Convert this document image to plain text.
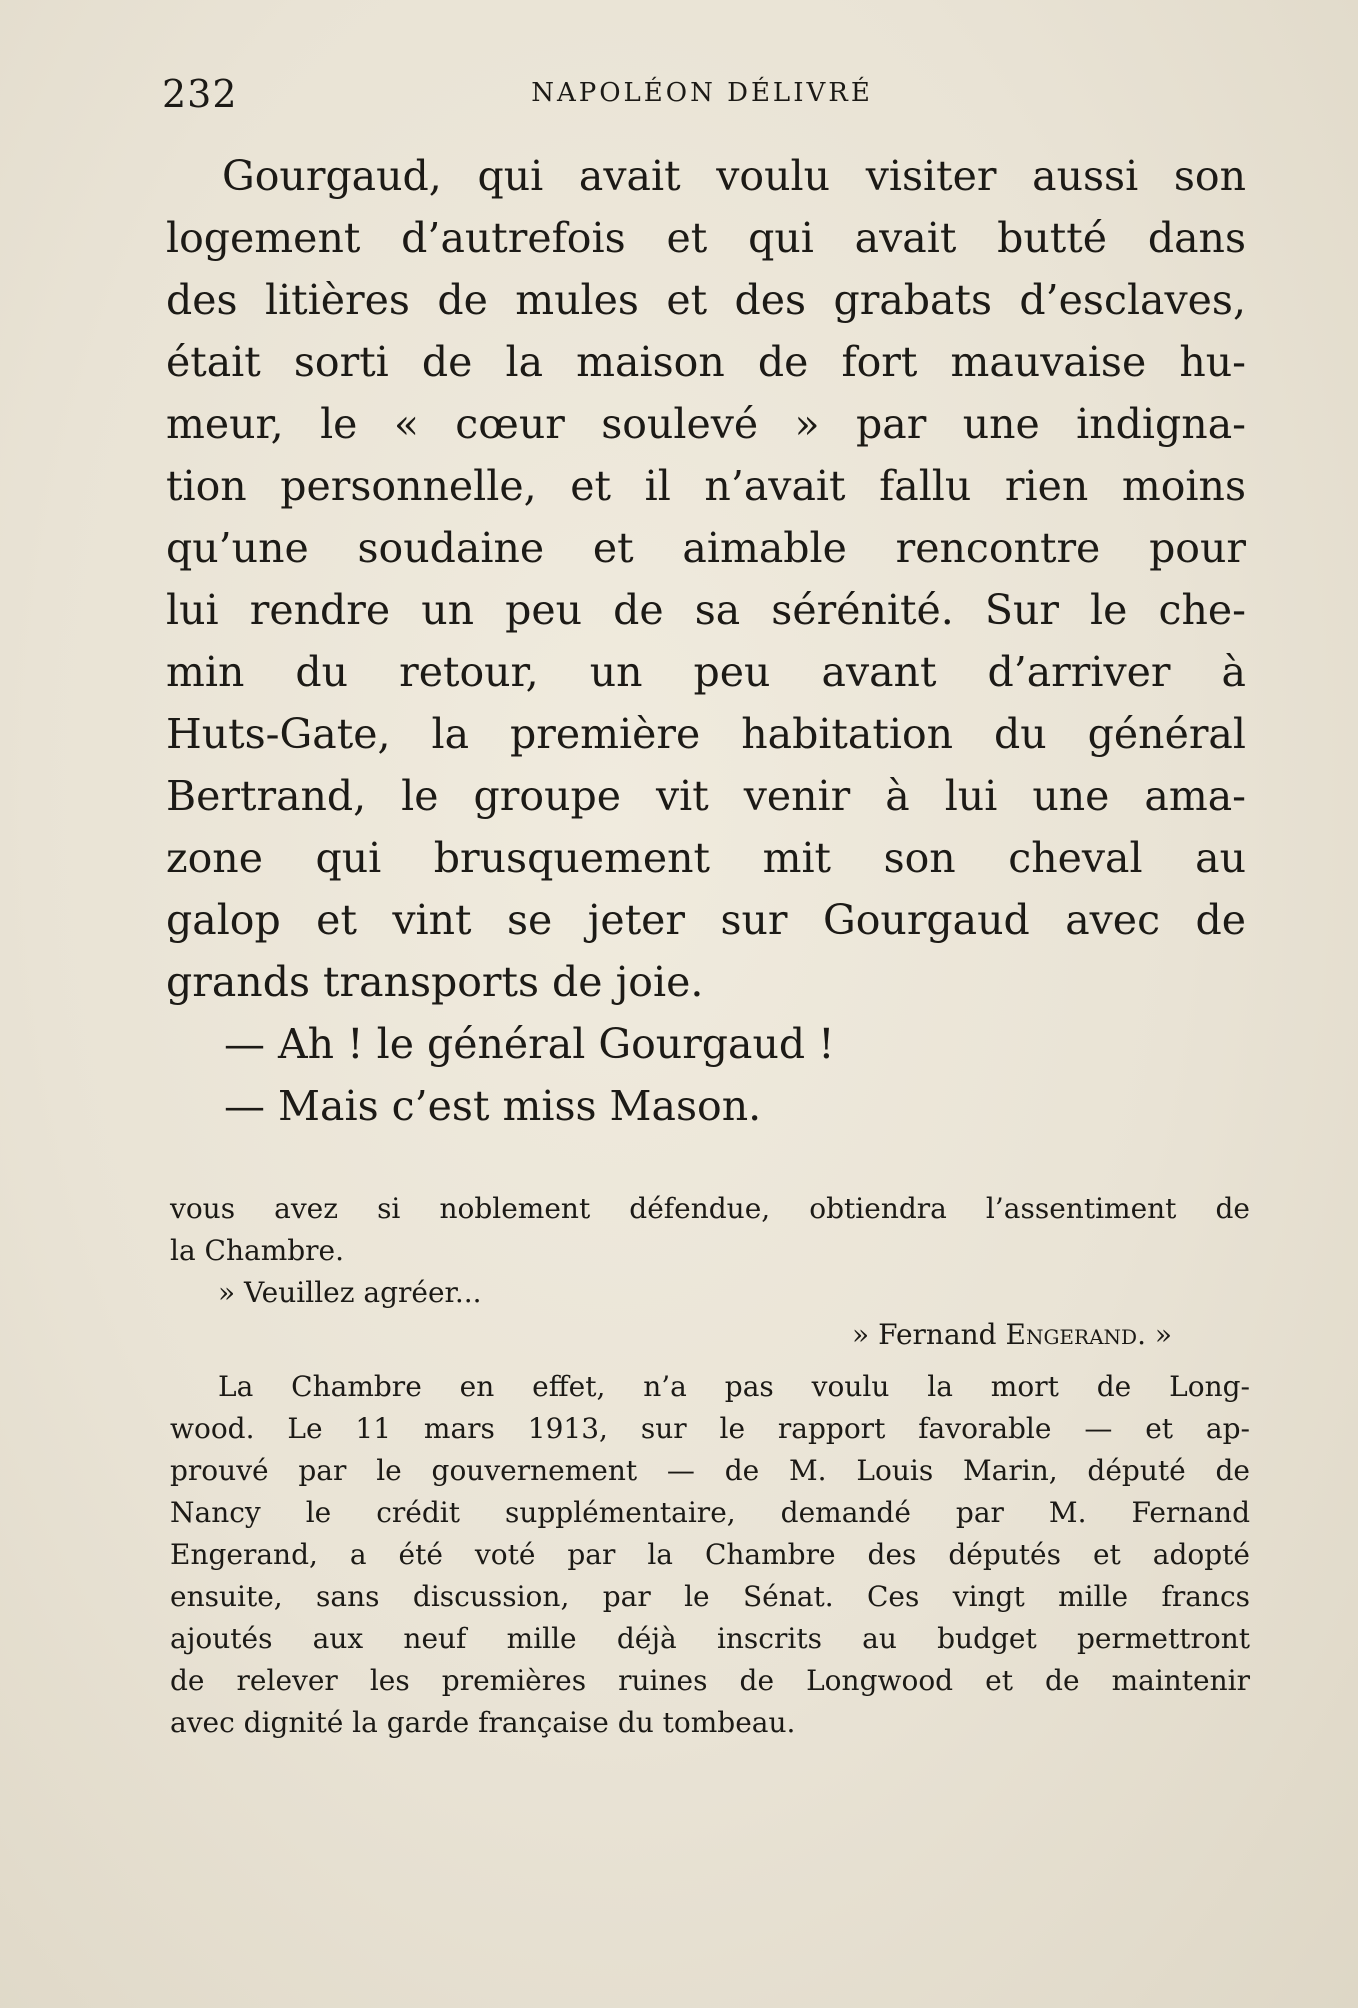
232	NAPOLÉON DÉLIVRÉ
Gourgaud, qui avait voulu visiter aussi son
logement d’autrefois et qui avait butté dans
des litières de mules et des grabats d’esclaves,
était sorti de la maison de fort mauvaise hu-
meur, le « cœur soulevé » par une indigna-
tion personnelle, et il n’avait fallu rien moins
qu’une soudaine et aimable rencontre pour
lui rendre un peu de sa sérénité. Sur le che-
min du retour, un peu avant d’arriver à
Huts-Gate, la première habitation du général
Bertrand, le groupe vit venir à lui une ama-
zone qui brusquement mit son cheval au
galop et vint se jeter sur Gourgaud avec de
grands transports de joie.
— Ah ! le général Gourgaud !
— Mais c’est miss Mason.
vous avez si noblement défendue, obtiendra l’assentiment de
la Chambre.
» Veuillez agréer...
» Fernand Engerand. »
La Chambre en effet, n’a pas voulu la mort de Long-
wood. Le 11 mars 1913, sur le rapport favorable — et ap-
prouvé par le gouvernement — de M. Louis Marin, député de
Nancy le crédit supplémentaire, demandé par M. Fernand
Engerand, a été voté par la Chambre des députés et adopté
ensuite, sans discussion, par le Sénat. Ces vingt mille francs
ajoutés aux neuf mille déjà inscrits au budget permettront
de relever les premières ruines de Longwood et de maintenir
avec dignité la garde française du tombeau.
